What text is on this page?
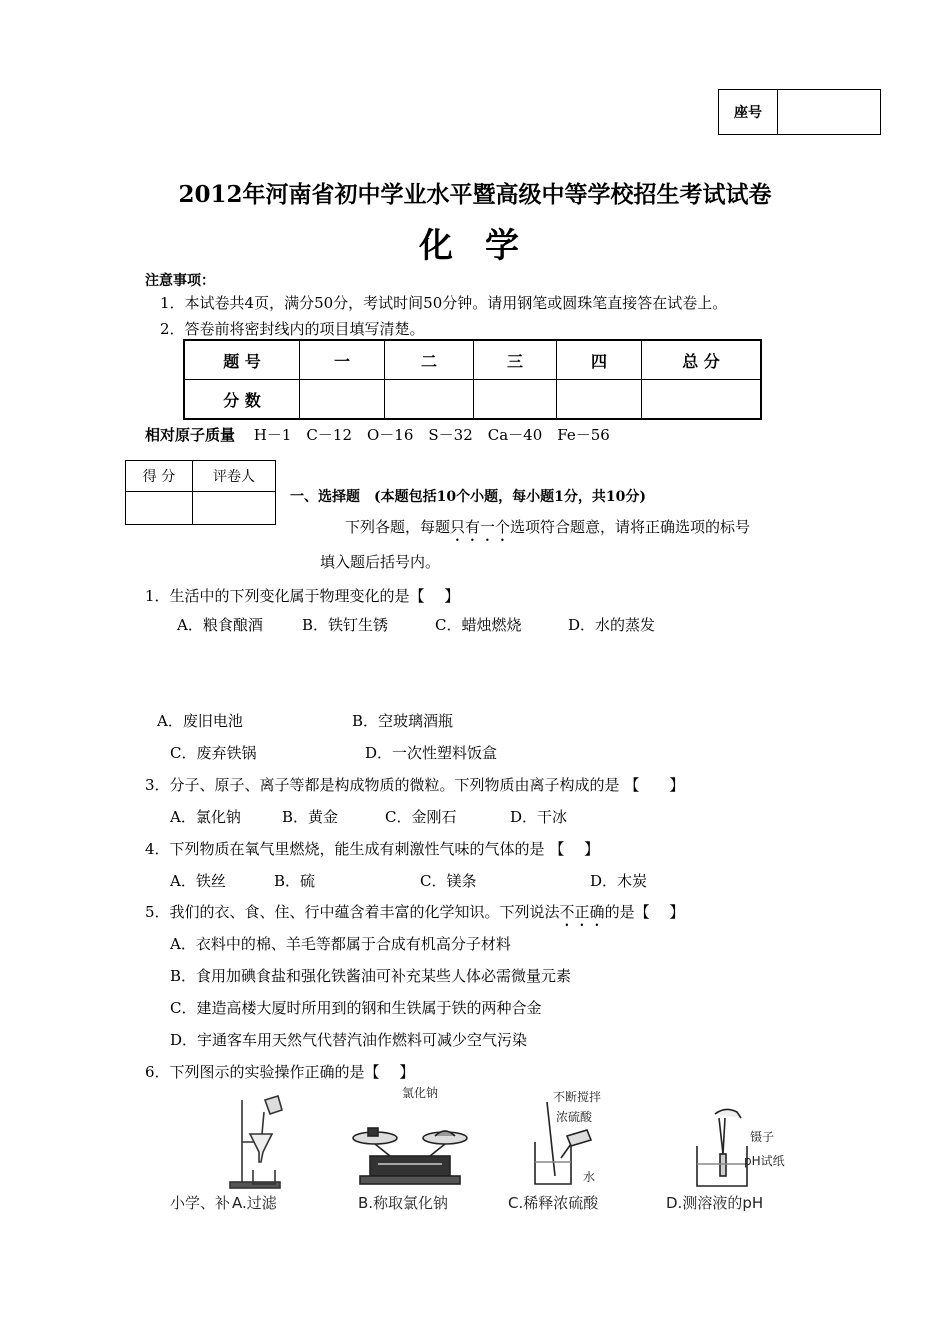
座号	
2012年河南省初中学业水平暨高级中等学校招生考试试卷
化学
注意事项：
1．本试卷共4页，满分50分，考试时间50分钟。请用钢笔或圆珠笔直接答在试卷上。
2．答卷前将密封线内的项目填写清楚。
题 号	一	二	三	四	总 分
分 数					
相对原子质量 H－1　C－12　O－16　S－32　Ca－40　Fe－56
得 分	评卷人

一、选择题　(本题包括10个小题，每小题1分，共10分)
下列各题，每题只有一个选项符合题意，请将正确选项的标号
填入题后括号内。
1．生活中的下列变化属于物理变化的是【　 】
A．粮食酿酒	B．铁钉生锈	C．蜡烛燃烧	D．水的蒸发
A．废旧电池	B．空玻璃酒瓶
C．废弃铁锅	D．一次性塑料饭盒
3．分子、原子、离子等都是构成物质的微粒。下列物质由离子构成的是 【　　】
A．氯化钠	B．黄金	C．金刚石	D．干冰
4．下列物质在氧气里燃烧，能生成有刺激性气味的气体的是 【　 】
A．铁丝	B．硫	C．镁条	D．木炭
5．我们的衣、食、住、行中蕴含着丰富的化学知识。下列说法不正确的是【　 】
A．衣料中的棉、羊毛等都属于合成有机高分子材料
B．食用加碘食盐和强化铁酱油可补充某些人体必需微量元素
C．建造高楼大厦时所用到的钢和生铁属于铁的两种合金
D．宇通客车用天然气代替汽油作燃料可减少空气污染
6．下列图示的实验操作正确的是【　 】
小学、补 A.过滤
氯化钠
B.称取氯化钠
不断搅拌
浓硫酸
水
C.稀释浓硫酸
镊子
pH试纸
D.测溶液的pH
